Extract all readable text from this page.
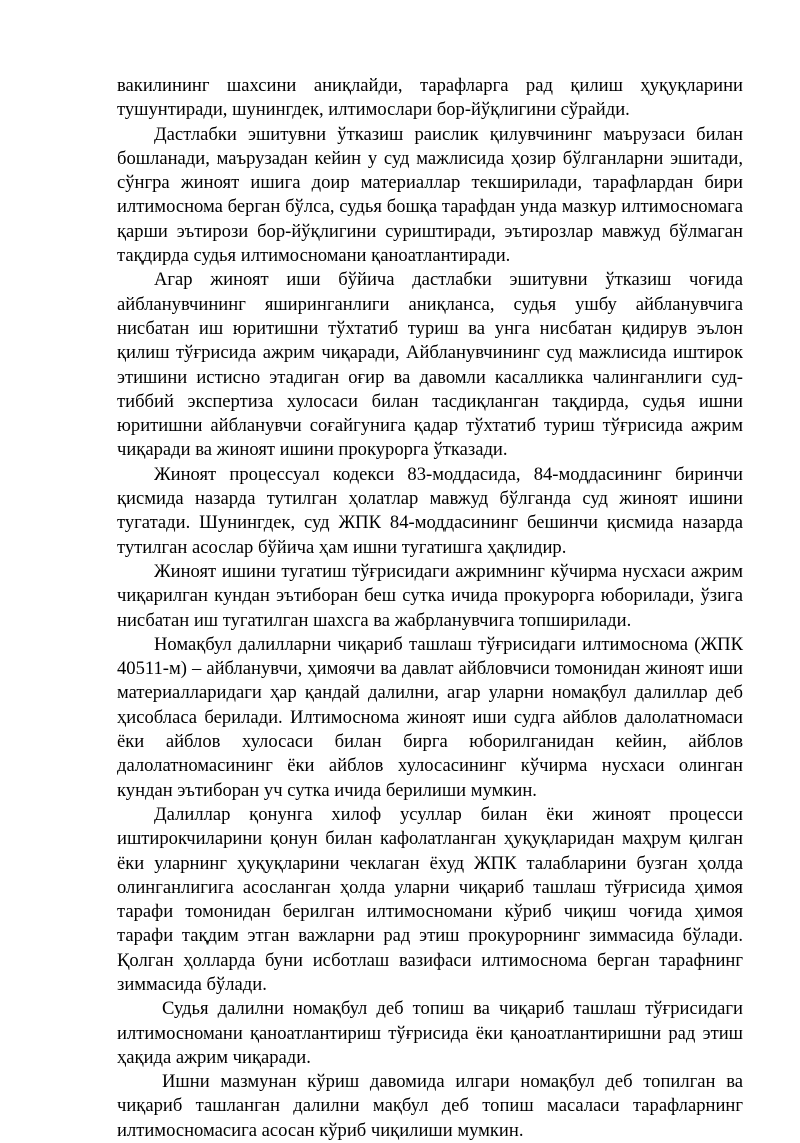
вакилининг шахсини аниқлайди, тарафларга рад қилиш ҳуқуқларини тушунтиради, шунингдек, илтимослари бор-йўқлигини сўрайди.

Дастлабки эшитувни ўтказиш раислик қилувчининг маърузаси билан бошланади, маърузадан кейин у суд мажлисида ҳозир бўлганларни эшитади, сўнгра жиноят ишига доир материаллар текширилади, тарафлардан бири илтимоснома берган бўлса, судья бошқа тарафдан унда мазкур илтимосномага қарши эътирози бор-йўқлигини суриштиради, эътирозлар мавжуд бўлмаган тақдирда судья илтимосномани қаноатлантиради.

Агар жиноят иши бўйича дастлабки эшитувни ўтказиш чоғида айбланувчининг яширинганлиги аниқланса, судья ушбу айбланувчига нисбатан иш юритишни тўхтатиб туриш ва унга нисбатан қидирув эълон қилиш тўғрисида ажрим чиқаради, Айбланувчининг суд мажлисида иштирок этишини истисно этадиган оғир ва давомли касалликка чалинганлиги суд-тиббий экспертиза хулосаси билан тасдиқланган тақдирда, судья ишни юритишни айбланувчи соғайгунига қадар тўхтатиб туриш тўғрисида ажрим чиқаради ва жиноят ишини прокурорга ўтказади.

Жиноят процессуал кодекси 83-моддасида, 84-моддасининг биринчи қисмида назарда тутилган ҳолатлар мавжуд бўлганда суд жиноят ишини тугатади. Шунингдек, суд ЖПК 84-моддасининг бешинчи қисмида назарда тутилган асослар бўйича ҳам ишни тугатишга ҳақлидир.

Жиноят ишини тугатиш тўғрисидаги ажримнинг кўчирма нусхаси ажрим чиқарилган кундан эътиборан беш сутка ичида прокурорга юборилади, ўзига нисбатан иш тугатилган шахсга ва жабрланувчига топширилади.

Номақбул далилларни чиқариб ташлаш тўғрисидаги илтимоснома (ЖПК 40511-м) – айбланувчи, ҳимоячи ва давлат айбловчиси томонидан жиноят иши материалларидаги ҳар қандай далилни, агар уларни номақбул далиллар деб ҳисобласа берилади. Илтимоснома жиноят иши судга айблов далолатномаси ёки айблов хулосаси билан бирга юборилганидан кейин, айблов далолатномасининг ёки айблов хулосасининг кўчирма нусхаси олинган кундан эътиборан уч сутка ичида берилиши мумкин.

Далиллар қонунга хилоф усуллар билан ёки жиноят процесси иштирокчиларини қонун билан кафолатланган ҳуқуқларидан маҳрум қилган ёки уларнинг ҳуқуқларини чеклаган ёхуд ЖПК талабларини бузган ҳолда олинганлигига асосланган ҳолда уларни чиқариб ташлаш тўғрисида ҳимоя тарафи томонидан берилган илтимосномани кўриб чиқиш чоғида ҳимоя тарафи тақдим этган важларни рад этиш прокурорнинг зиммасида бўлади. Қолган ҳолларда буни исботлаш вазифаси илтимоснома берган тарафнинг зиммасида бўлади.

Судья далилни номақбул деб топиш ва чиқариб ташлаш тўғрисидаги илтимосномани қаноатлантириш тўғрисида ёки қаноатлантиришни рад этиш ҳақида ажрим чиқаради.

Ишни мазмунан кўриш давомида илгари номақбул деб топилган ва чиқариб ташланган далилни мақбул деб топиш масаласи тарафларнинг илтимосномасига асосан кўриб чиқилиши мумкин.
